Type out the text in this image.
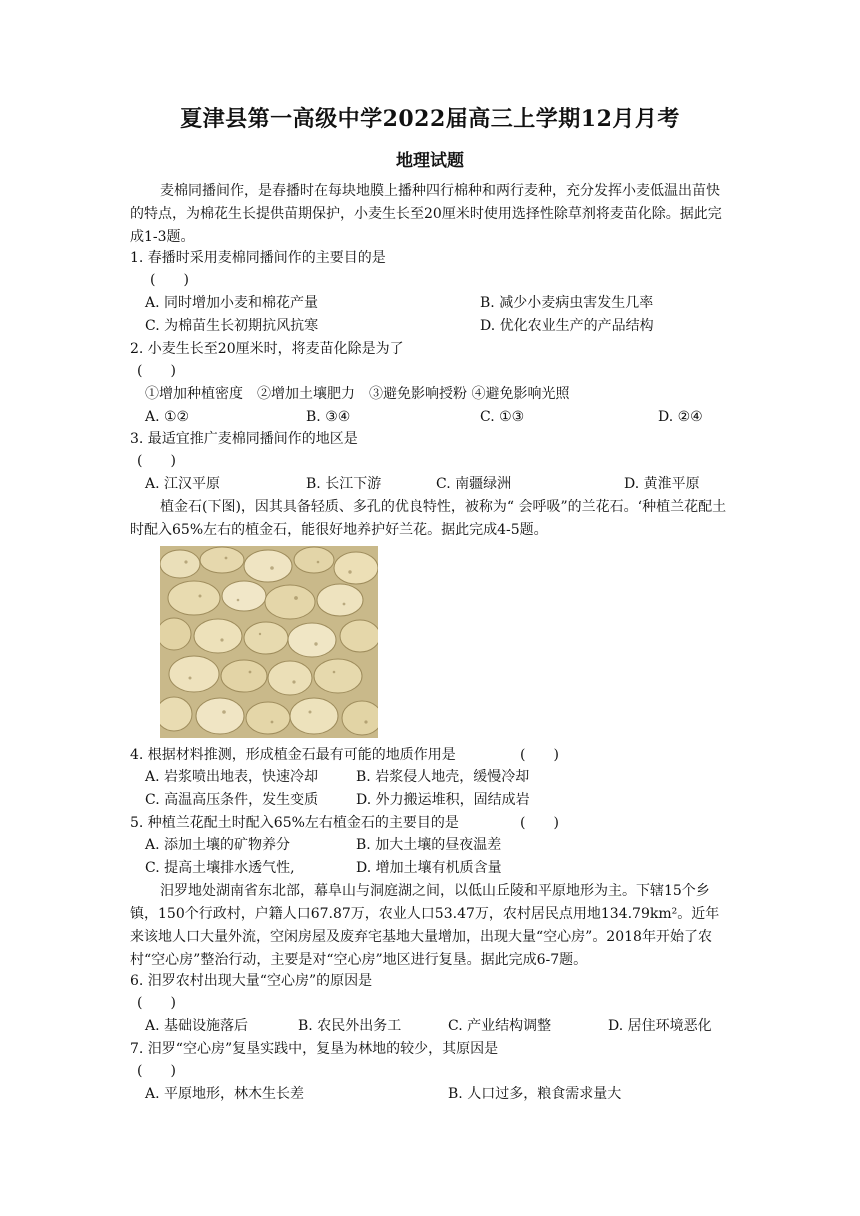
夏津县第一高级中学2022届高三上学期12月月考
地理试题
麦棉同播间作，是春播时在每块地膜上播种四行棉种和两行麦种，充分发挥小麦低温出苗快的特点，为棉花生长提供苗期保护，小麦生长至20厘米时使用选择性除草剂将麦苗化除。据此完成1-3题。
1. 春播时采用麦棉同播间作的主要目的是
(　　)
A. 同时增加小麦和棉花产量	B. 减少小麦病虫害发生几率
C. 为棉苗生长初期抗风抗寒	D. 优化农业生产的产品结构
2. 小麦生长至20厘米时，将麦苗化除是为了
(　　)
①增加种植密度　②增加土壤肥力　③避免影响授粉 ④避免影响光照
A. ①②	B. ③④	C. ①③	D. ②④
3. 最适宜推广麦棉同播间作的地区是
(　　)
A. 江汉平原	B. 长江下游	C. 南疆绿洲	D. 黄淮平原
植金石(下图)，因其具备轻质、多孔的优良特性，被称为“ 会呼吸”的兰花石。‘种植兰花配土时配入65%左右的植金石，能很好地养护好兰花。据此完成4-5题。
4. 根据材料推测，形成植金石最有可能的地质作用是	(　　)
A. 岩浆喷出地表，快速冷却	B. 岩浆侵人地壳，缓慢冷却
C. 高温高压条件，发生变质	D. 外力搬运堆积，固结成岩
5. 种植兰花配土时配入65%左右植金石的主要目的是	(　　)
A. 添加土壤的矿物养分	B. 加大土壤的昼夜温差
C. 提高土壤排水透气性,	D. 增加土壤有机质含量
汨罗地处湖南省东北部，幕阜山与洞庭湖之间，以低山丘陵和平原地形为主。下辖15个乡镇，150个行政村，户籍人口67.87万，农业人口53.47万，农村居民点用地134.79km²。近年来该地人口大量外流，空闲房屋及废弃宅基地大量增加，出现大量“空心房”。2018年开始了农村“空心房”整治行动，主要是对“空心房”地区进行复垦。据此完成6-7题。
6. 汨罗农村出现大量“空心房”的原因是
(　　)
A. 基础设施落后	B. 农民外出务工	C. 产业结构调整	D. 居住环境恶化
7. 汨罗“空心房”复垦实践中，复垦为林地的较少，其原因是
(　　)
A. 平原地形，林木生长差	B. 人口过多，粮食需求量大
